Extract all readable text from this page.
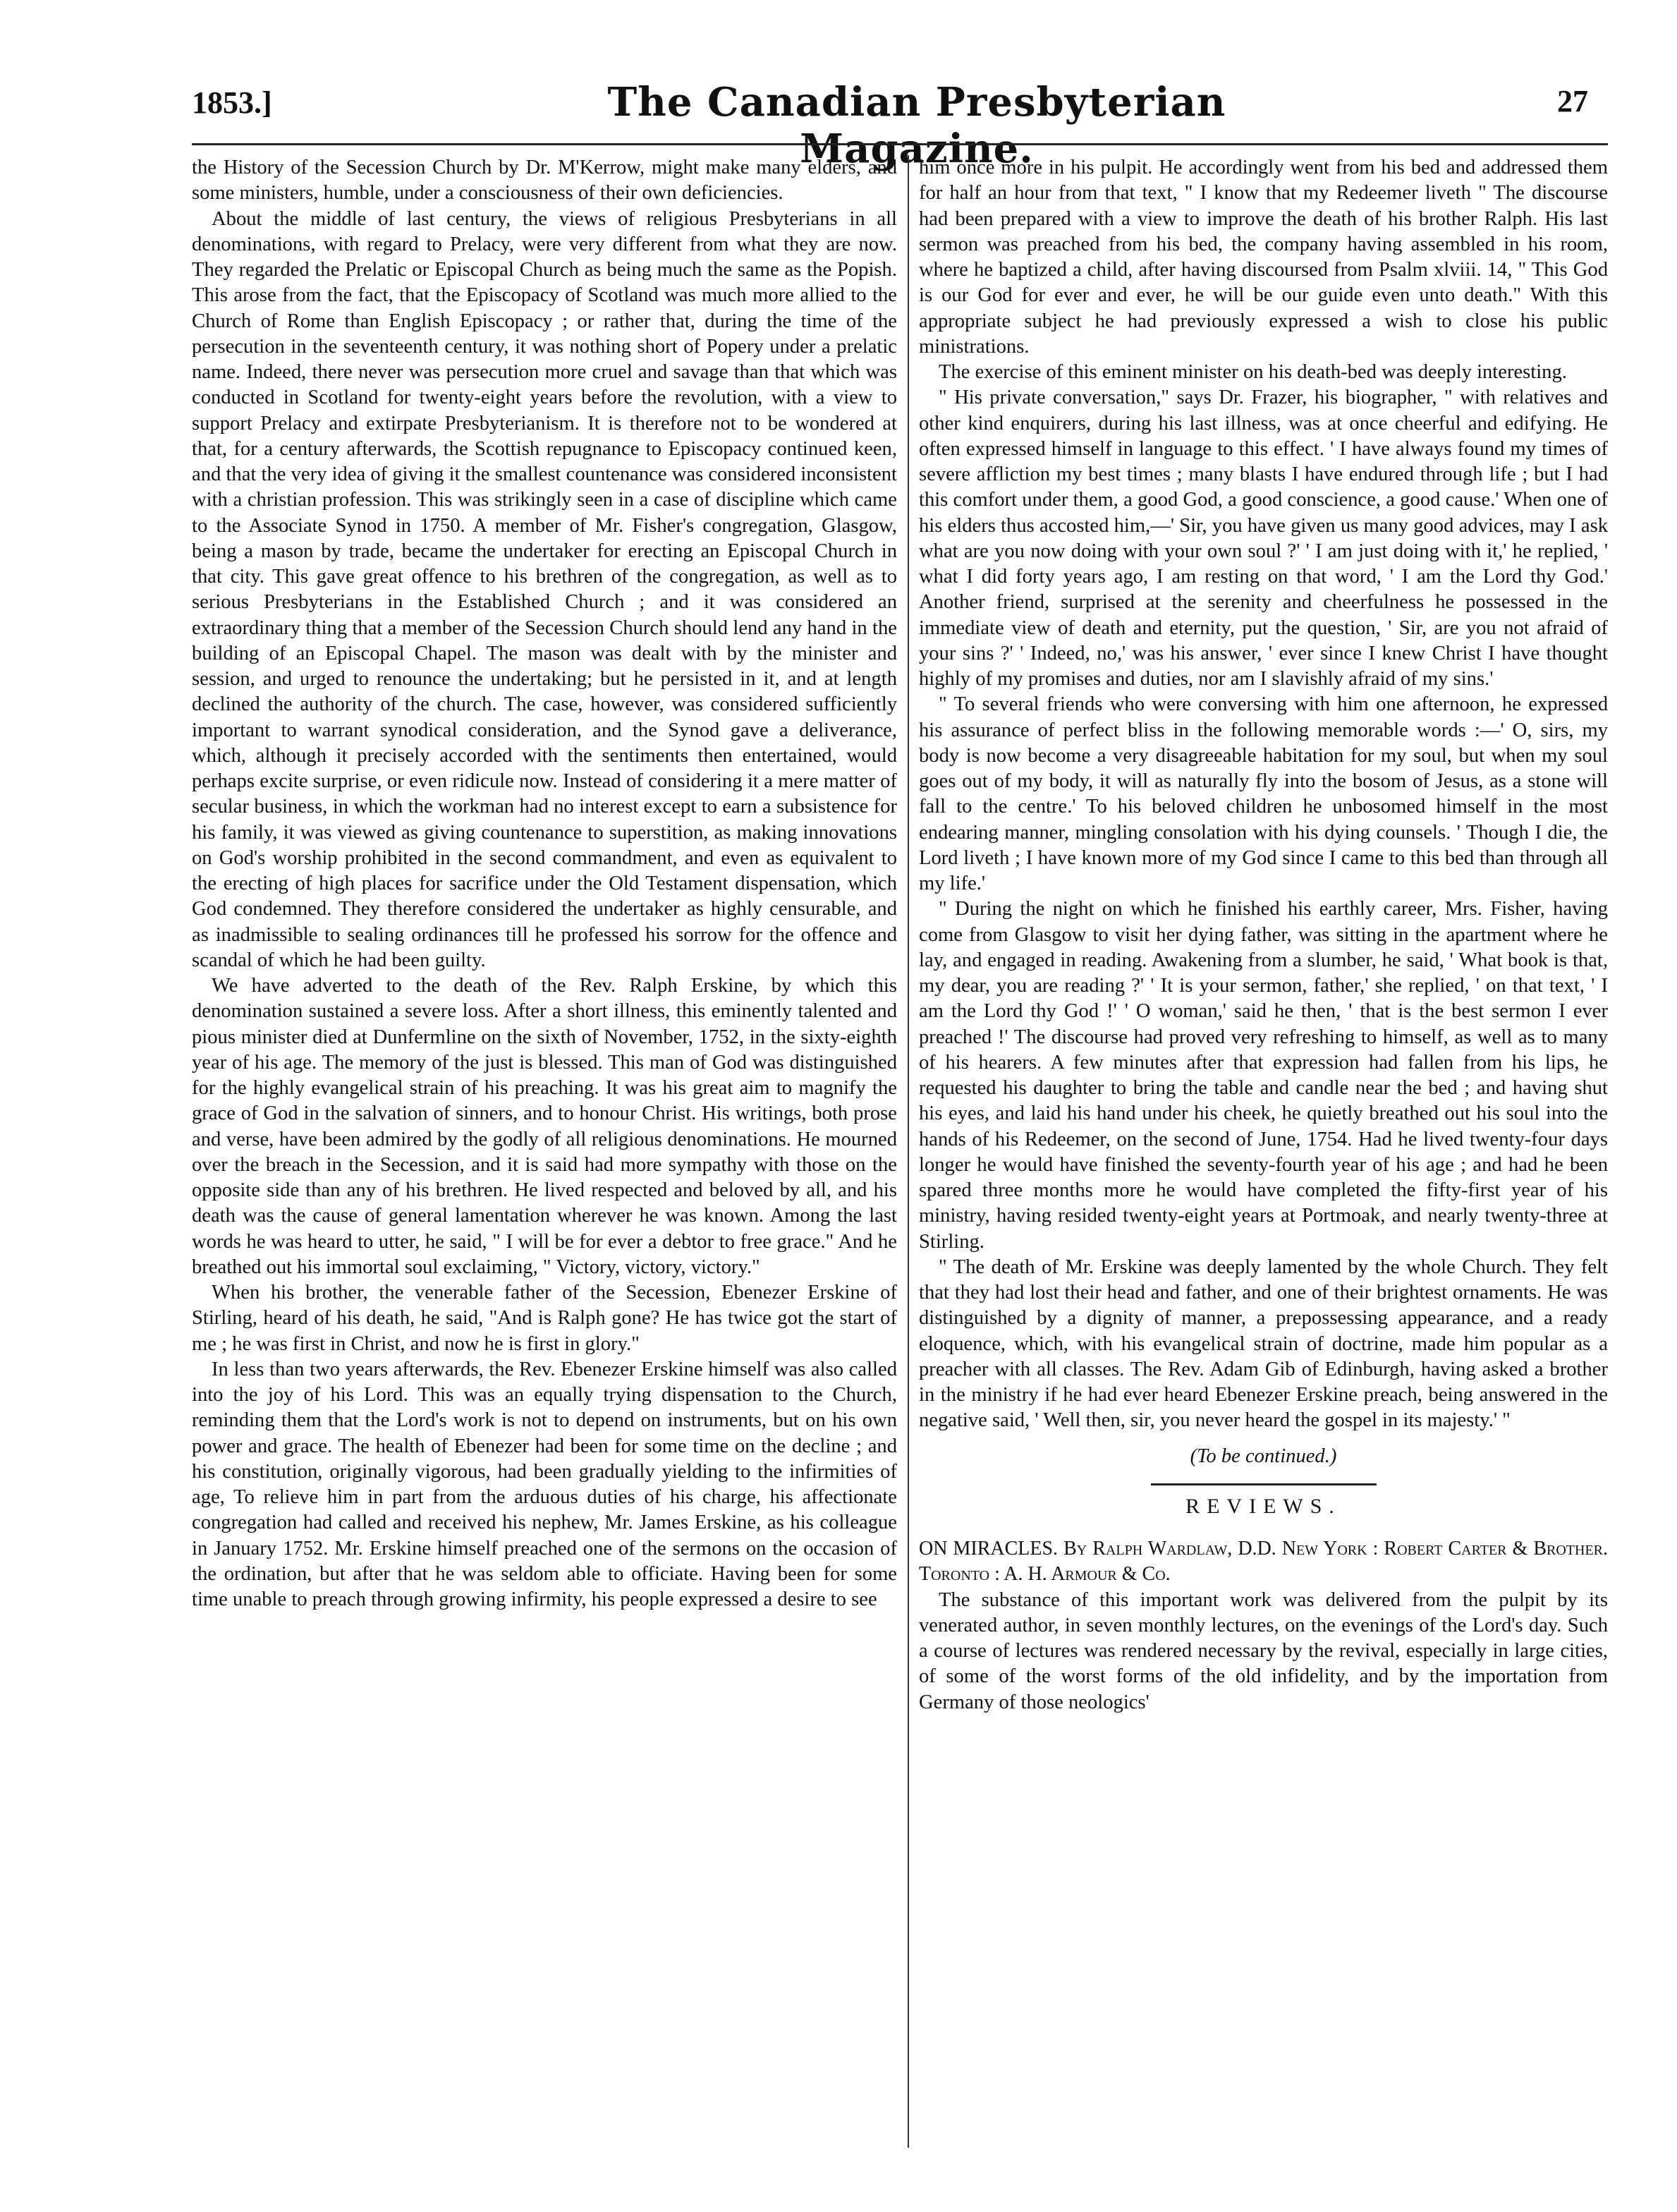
1853.]	The Canadian Presbyterian Magazine.
27

the History of the Secession Church by Dr. M'Kerrow, might make many elders, and some ministers, humble, under a consciousness of their own deficiencies.

About the middle of last century, the views of religious Presbyterians in all denominations, with regard to Prelacy, were very different from what they are now. They regarded the Prelatic or Episcopal Church as being much the same as the Popish. This arose from the fact, that the Episcopacy of Scotland was much more allied to the Church of Rome than English Episcopacy ; or rather that, during the time of the persecution in the seventeenth century, it was nothing short of Popery under a prelatic name. Indeed, there never was persecution more cruel and savage than that which was conducted in Scotland for twenty-eight years before the revolution, with a view to support Prelacy and extirpate Presbyterianism. It is therefore not to be wondered at that, for a century afterwards, the Scottish repugnance to Episcopacy continued keen, and that the very idea of giving it the smallest countenance was considered inconsistent with a christian profession. This was strikingly seen in a case of discipline which came to the Associate Synod in 1750. A member of Mr. Fisher's congregation, Glasgow, being a mason by trade, became the undertaker for erecting an Episcopal Church in that city. This gave great offence to his brethren of the congregation, as well as to serious Presbyterians in the Established Church ; and it was considered an extraordinary thing that a member of the Secession Church should lend any hand in the building of an Episcopal Chapel. The mason was dealt with by the minister and session, and urged to renounce the undertaking; but he persisted in it, and at length declined the authority of the church. The case, however, was considered sufficiently important to warrant synodical consideration, and the Synod gave a deliverance, which, although it precisely accorded with the sentiments then entertained, would perhaps excite surprise, or even ridicule now. Instead of considering it a mere matter of secular business, in which the workman had no interest except to earn a subsistence for his family, it was viewed as giving countenance to superstition, as making innovations on God's worship prohibited in the second commandment, and even as equivalent to the erecting of high places for sacrifice under the Old Testament dispensation, which God condemned. They therefore considered the undertaker as highly censurable, and as inadmissible to sealing ordinances till he professed his sorrow for the offence and scandal of which he had been guilty.

We have adverted to the death of the Rev. Ralph Erskine, by which this denomination sustained a severe loss. After a short illness, this eminently talented and pious minister died at Dunfermline on the sixth of November, 1752, in the sixty-eighth year of his age. The memory of the just is blessed. This man of God was distinguished for the highly evangelical strain of his preaching. It was his great aim to magnify the grace of God in the salvation of sinners, and to honour Christ. His writings, both prose and verse, have been admired by the godly of all religious denominations. He mourned over the breach in the Secession, and it is said had more sympathy with those on the opposite side than any of his brethren. He lived respected and beloved by all, and his death was the cause of general lamentation wherever he was known. Among the last words he was heard to utter, he said, " I will be for ever a debtor to free grace." And he breathed out his immortal soul exclaiming, " Victory, victory, victory."

When his brother, the venerable father of the Secession, Ebenezer Erskine of Stirling, heard of his death, he said, "And is Ralph gone? He has twice got the start of me ; he was first in Christ, and now he is first in glory."

In less than two years afterwards, the Rev. Ebenezer Erskine himself was also called into the joy of his Lord. This was an equally trying dispensation to the Church, reminding them that the Lord's work is not to depend on instruments, but on his own power and grace. The health of Ebenezer had been for some time on the decline ; and his constitution, originally vigorous, had been gradually yielding to the infirmities of age, To relieve him in part from the arduous duties of his charge, his affectionate congregation had called and received his nephew, Mr. James Erskine, as his colleague in January 1752. Mr. Erskine himself preached one of the sermons on the occasion of the ordination, but after that he was seldom able to officiate. Having been for some time unable to preach through growing infirmity, his people expressed a desire to see

him once more in his pulpit. He accordingly went from his bed and addressed them for half an hour from that text, " I know that my Redeemer liveth " The discourse had been prepared with a view to improve the death of his brother Ralph. His last sermon was preached from his bed, the company having assembled in his room, where he baptized a child, after having discoursed from Psalm xlviii. 14, " This God is our God for ever and ever, he will be our guide even unto death." With this appropriate subject he had previously expressed a wish to close his public ministrations.

The exercise of this eminent minister on his death-bed was deeply interesting.

" His private conversation," says Dr. Frazer, his biographer, " with relatives and other kind enquirers, during his last illness, was at once cheerful and edifying. He often expressed himself in language to this effect. ' I have always found my times of severe affliction my best times ; many blasts I have endured through life ; but I had this comfort under them, a good God, a good conscience, a good cause.' When one of his elders thus accosted him,—' Sir, you have given us many good advices, may I ask what are you now doing with your own soul ?' ' I am just doing with it,' he replied, ' what I did forty years ago, I am resting on that word, ' I am the Lord thy God.' Another friend, surprised at the serenity and cheerfulness he possessed in the immediate view of death and eternity, put the question, ' Sir, are you not afraid of your sins ?' ' Indeed, no,' was his answer, ' ever since I knew Christ I have thought highly of my promises and duties, nor am I slavishly afraid of my sins.'

" To several friends who were conversing with him one afternoon, he expressed his assurance of perfect bliss in the following memorable words :—' O, sirs, my body is now become a very disagreeable habitation for my soul, but when my soul goes out of my body, it will as naturally fly into the bosom of Jesus, as a stone will fall to the centre.' To his beloved children he unbosomed himself in the most endearing manner, mingling consolation with his dying counsels. ' Though I die, the Lord liveth ; I have known more of my God since I came to this bed than through all my life.'

" During the night on which he finished his earthly career, Mrs. Fisher, having come from Glasgow to visit her dying father, was sitting in the apartment where he lay, and engaged in reading. Awakening from a slumber, he said, ' What book is that, my dear, you are reading ?' ' It is your sermon, father,' she replied, ' on that text, ' I am the Lord thy God !' ' O woman,' said he then, ' that is the best sermon I ever preached !' The discourse had proved very refreshing to himself, as well as to many of his hearers. A few minutes after that expression had fallen from his lips, he requested his daughter to bring the table and candle near the bed ; and having shut his eyes, and laid his hand under his cheek, he quietly breathed out his soul into the hands of his Redeemer, on the second of June, 1754. Had he lived twenty-four days longer he would have finished the seventy-fourth year of his age ; and had he been spared three months more he would have completed the fifty-first year of his ministry, having resided twenty-eight years at Portmoak, and nearly twenty-three at Stirling.

" The death of Mr. Erskine was deeply lamented by the whole Church. They felt that they had lost their head and father, and one of their brightest ornaments. He was distinguished by a dignity of manner, a prepossessing appearance, and a ready eloquence, which, with his evangelical strain of doctrine, made him popular as a preacher with all classes. The Rev. Adam Gib of Edinburgh, having asked a brother in the ministry if he had ever heard Ebenezer Erskine preach, being answered in the negative said, ' Well then, sir, you never heard the gospel in its majesty.' "

(To be continued.)
REVIEWS.

ON MIRACLES. By Ralph Wardlaw, D.D. New York : Robert Carter & Brother. Toronto : A. H. Armour & Co.

The substance of this important work was delivered from the pulpit by its venerated author, in seven monthly lectures, on the evenings of the Lord's day. Such a course of lectures was rendered necessary by the revival, especially in large cities, of some of the worst forms of the old infidelity, and by the importation from Germany of those neologics'
